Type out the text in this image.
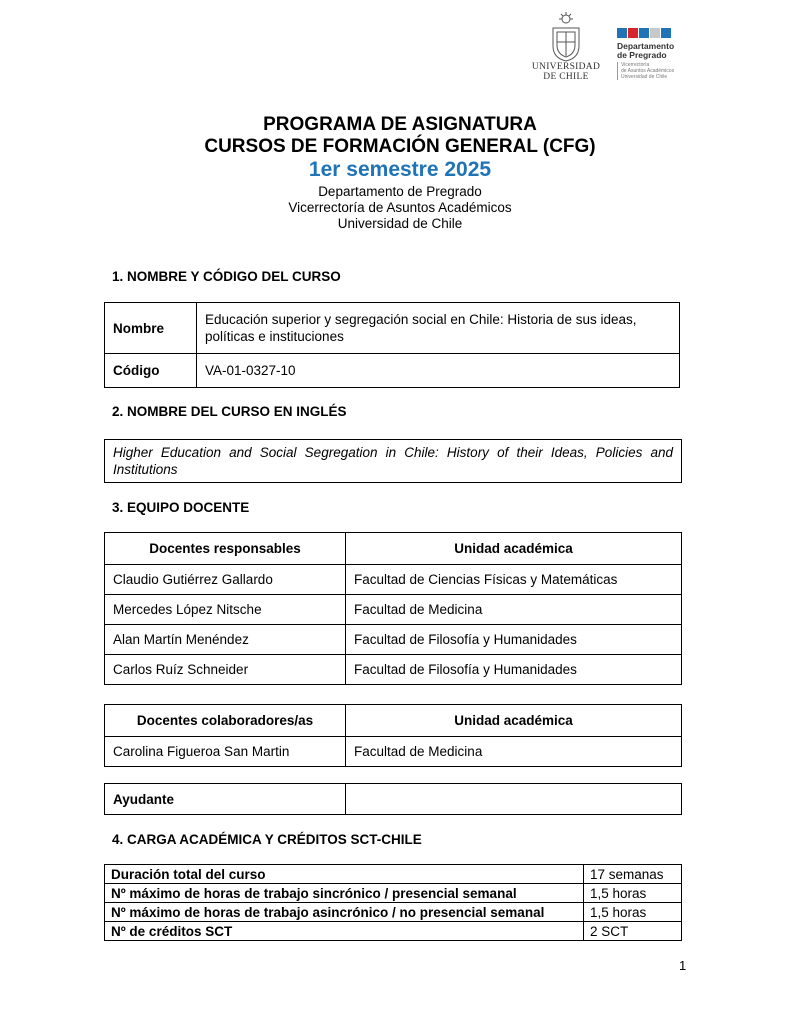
UNIVERSIDAD
DE CHILE
Departamento
de Pregrado
Vicerrectoría
de Asuntos Académicos
Universidad de Chile
PROGRAMA DE ASIGNATURA
CURSOS DE FORMACIÓN GENERAL (CFG)
1er semestre 2025
Departamento de Pregrado
Vicerrectoría de Asuntos Académicos
Universidad de Chile
1. NOMBRE Y CÓDIGO DEL CURSO
Nombre	Educación superior y segregación social en Chile: Historia de sus ideas, políticas e instituciones
Código	VA-01-0327-10
2. NOMBRE DEL CURSO EN INGLÉS
Higher Education and Social Segregation in Chile: History of their Ideas, Policies and Institutions
3. EQUIPO DOCENTE
Docentes responsables	Unidad académica
Claudio Gutiérrez Gallardo	Facultad de Ciencias Físicas y Matemáticas
Mercedes López Nitsche	Facultad de Medicina
Alan Martín Menéndez	Facultad de Filosofía y Humanidades
Carlos Ruíz Schneider	Facultad de Filosofía y Humanidades
Docentes colaboradores/as	Unidad académica
Carolina Figueroa San Martin	Facultad de Medicina
Ayudante	
4. CARGA ACADÉMICA Y CRÉDITOS SCT-CHILE
Duración total del curso	17 semanas
Nº máximo de horas de trabajo sincrónico / presencial semanal	1,5 horas
Nº máximo de horas de trabajo asincrónico / no presencial semanal	1,5 horas
Nº de créditos SCT	2 SCT
1
